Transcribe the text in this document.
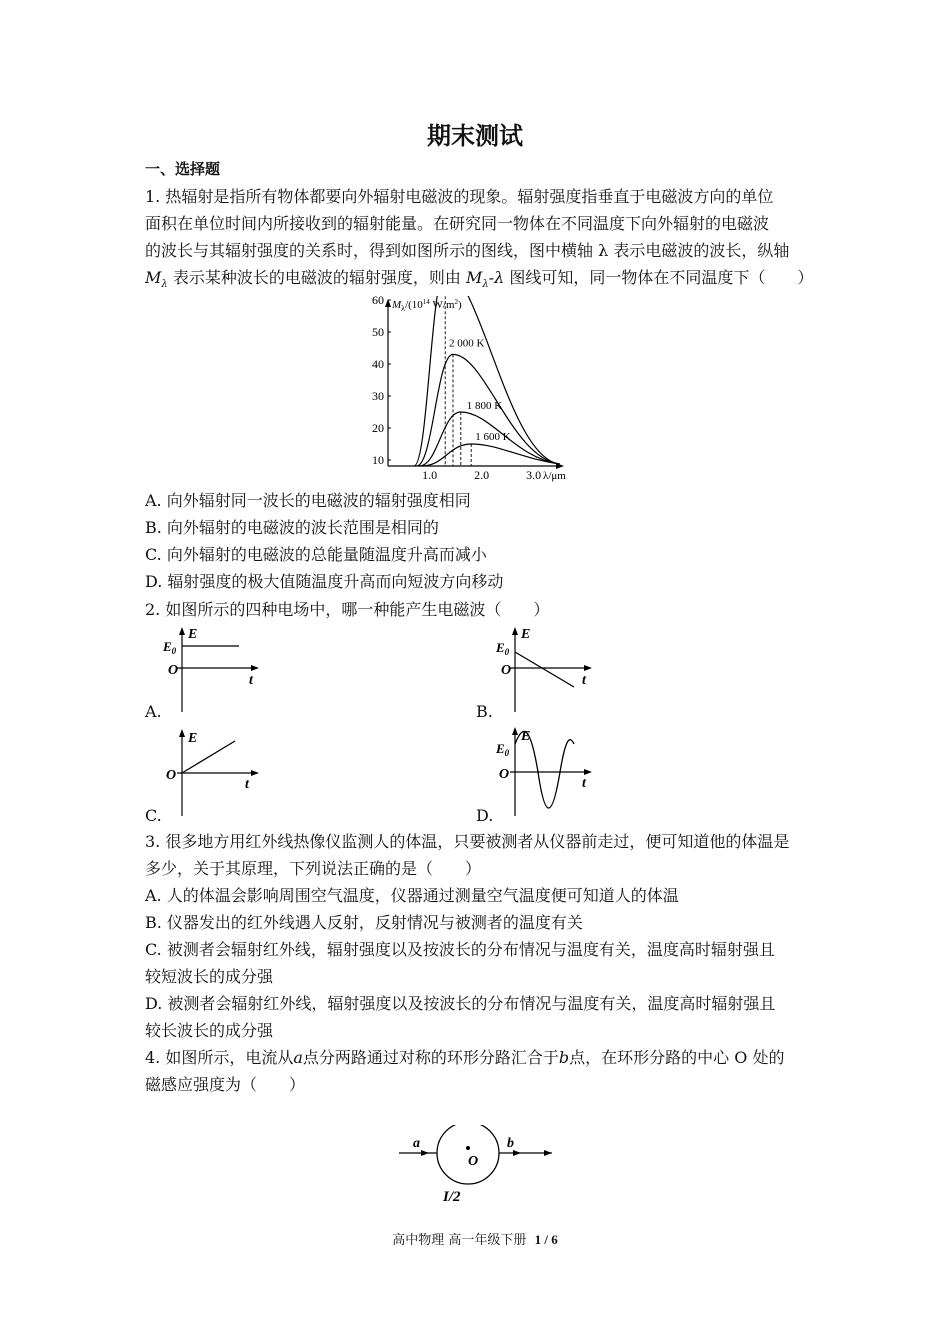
期末测试
一、选择题
1. 热辐射是指所有物体都要向外辐射电磁波的现象。辐射强度指垂直于电磁波方向的单位
面积在单位时间内所接收到的辐射能量。在研究同一物体在不同温度下向外辐射的电磁波
的波长与其辐射强度的关系时，得到如图所示的图线，图中横轴 λ 表示电磁波的波长，纵轴
$M_\lambda$ 表示某种波长的电磁波的辐射强度，则由 $M_\lambda-\lambda$ 图线可知，同一物体在不同温度下（　　）
$M_\lambda/(10^{14}$ $W/m^2$)
λ/μm
10
20
30
40
50
60
1.0	2.0	3.0
2 000 K
1 800 K
1 600 K
A. 向外辐射同一波长的电磁波的辐射强度相同
B. 向外辐射的电磁波的波长范围是相同的
C. 向外辐射的电磁波的总能量随温度升高而减小
D. 辐射强度的极大值随温度升高而向短波方向移动
2. 如图所示的四种电场中，哪一种能产生电磁波（　　）
E
$E_0$
O
t
A.
E
$E_0$
O
t
B.
E
O
t
C.
E
$E_0$
O
t
D.
3. 很多地方用红外线热像仪监测人的体温，只要被测者从仪器前走过，便可知道他的体温是
多少，关于其原理，下列说法正确的是（　　）
A. 人的体温会影响周围空气温度，仪器通过测量空气温度便可知道人的体温
B. 仪器发出的红外线遇人反射，反射情况与被测者的温度有关
C. 被测者会辐射红外线，辐射强度以及按波长的分布情况与温度有关，温度高时辐射强且
较短波长的成分强
D. 被测者会辐射红外线，辐射强度以及按波长的分布情况与温度有关，温度高时辐射强且
较长波长的成分强
4. 如图所示，电流从a点分两路通过对称的环形分路汇合于b点，在环形分路的中心 O 处的
磁感应强度为（　　）
a	b
O
I/2
高中物理 高一年级下册 1 / 6
